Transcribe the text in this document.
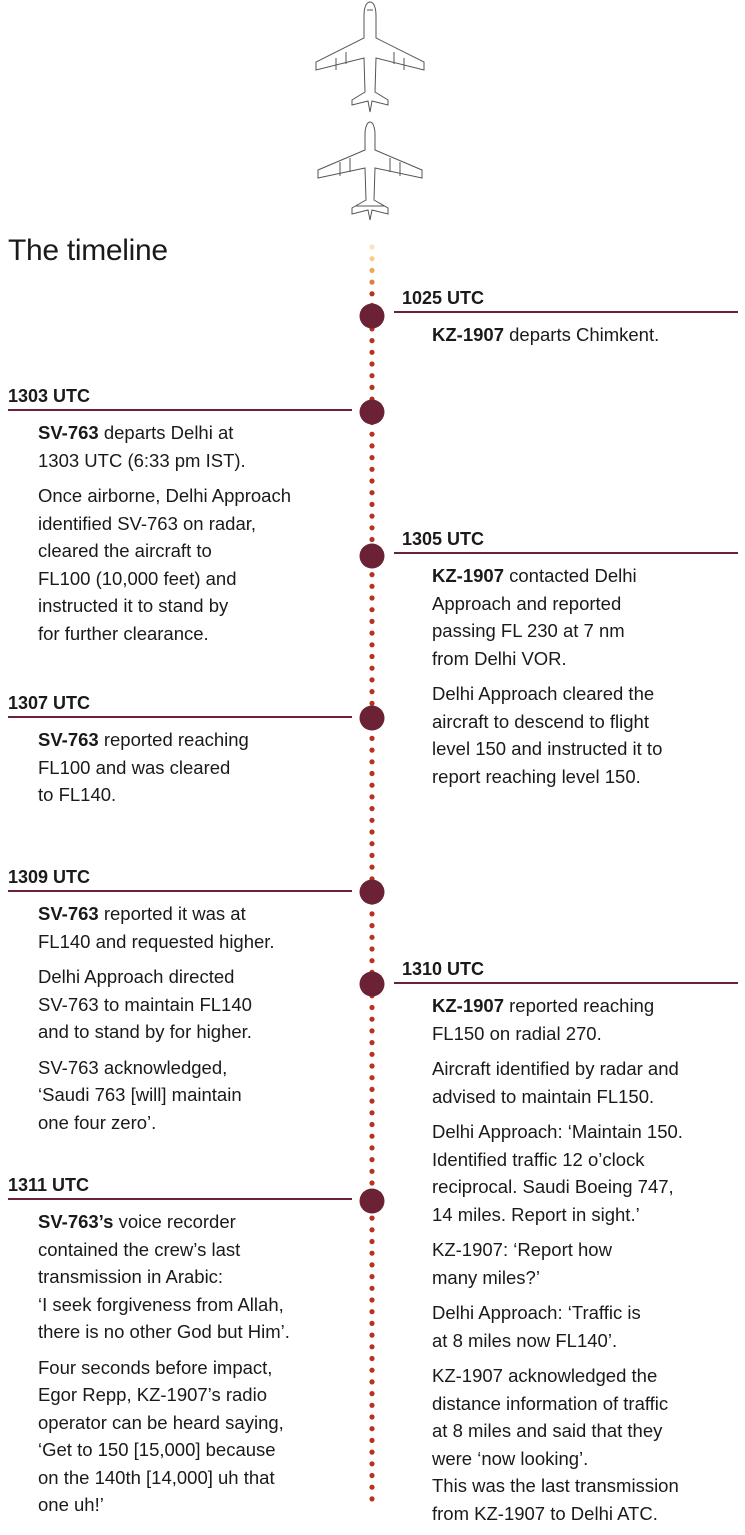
The timeline
1025 UTC

KZ-1907 departs Chimkent.

1303 UTC

SV-763 departs Delhi at
1303 UTC (6:33 pm IST).

Once airborne, Delhi Approach
identified SV-763 on radar,
cleared the aircraft to
FL100 (10,000 feet) and
instructed it to stand by
for further clearance.

1305 UTC

KZ-1907 contacted Delhi
Approach and reported
passing FL 230 at 7 nm
from Delhi VOR.

Delhi Approach cleared the
aircraft to descend to flight
level 150 and instructed it to
report reaching level 150.

1307 UTC

SV-763 reported reaching
FL100 and was cleared
to FL140.

1309 UTC

SV-763 reported it was at
FL140 and requested higher.

Delhi Approach directed
SV-763 to maintain FL140
and to stand by for higher.

SV-763 acknowledged,
‘Saudi 763 [will] maintain
one four zero’.

1310 UTC

KZ-1907 reported reaching
FL150 on radial 270.

Aircraft identified by radar and
advised to maintain FL150.

Delhi Approach: ‘Maintain 150.
Identified traffic 12 o’clock
reciprocal. Saudi Boeing 747,
14 miles. Report in sight.’

KZ-1907: ‘Report how
many miles?’

Delhi Approach: ‘Traffic is
at 8 miles now FL140’.

KZ-1907 acknowledged the
distance information of traffic
at 8 miles and said that they
were ‘now looking’.
This was the last transmission
from KZ-1907 to Delhi ATC.

1311 UTC

SV-763’s voice recorder
contained the crew’s last
transmission in Arabic:
‘I seek forgiveness from Allah,
there is no other God but Him’.

Four seconds before impact,
Egor Repp, KZ-1907’s radio
operator can be heard saying,
‘Get to 150 [15,000] because
on the 140th [14,000] uh that
one uh!’
